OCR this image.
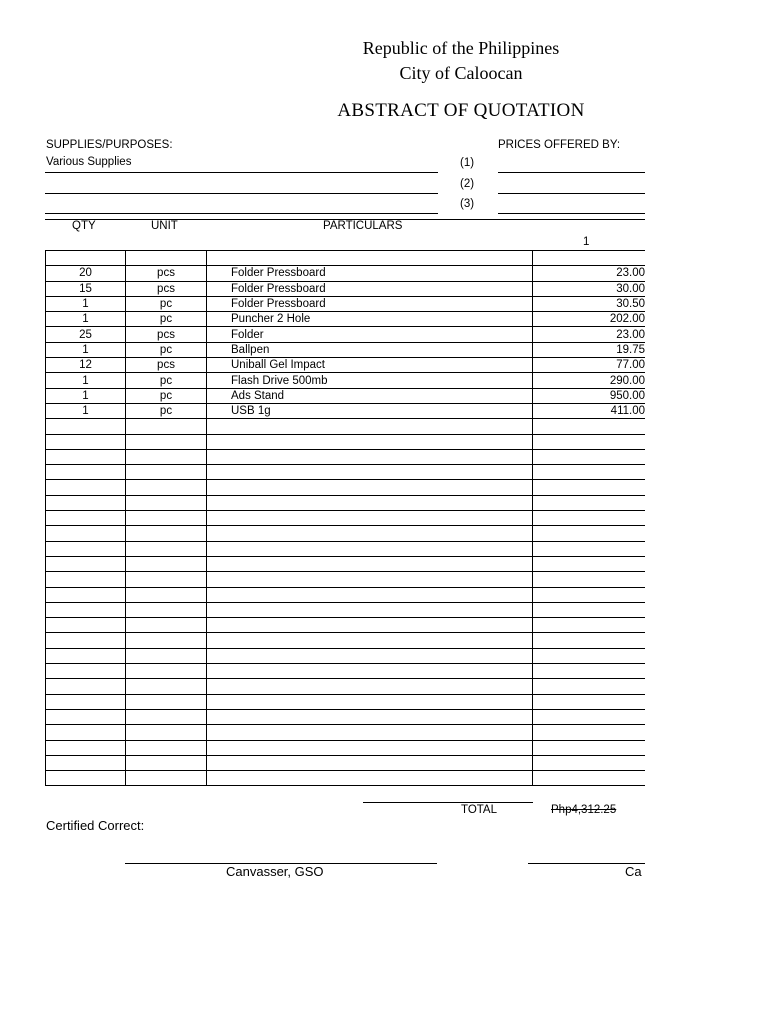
Republic of the Philippines
City of Caloocan
ABSTRACT OF QUOTATION
SUPPLIES/PURPOSES:	PRICES OFFERED BY:
Various Supplies	(1)
(2)
(3)
QTY	UNIT	PARTICULARS
1

20	pcs	Folder Pressboard	23.00
15	pcs	Folder Pressboard	30.00
1	pc	Folder Pressboard	30.50
1	pc	Puncher 2 Hole	202.00
25	pcs	Folder	23.00
1	pc	Ballpen	19.75
12	pcs	Uniball Gel Impact	77.00
1	pc	Flash Drive 500mb	290.00
1	pc	Ads Stand	950.00
1	pc	USB 1g	411.00

TOTAL	Php4,312.25
Certified Correct:
Canvasser, GSO	Ca
